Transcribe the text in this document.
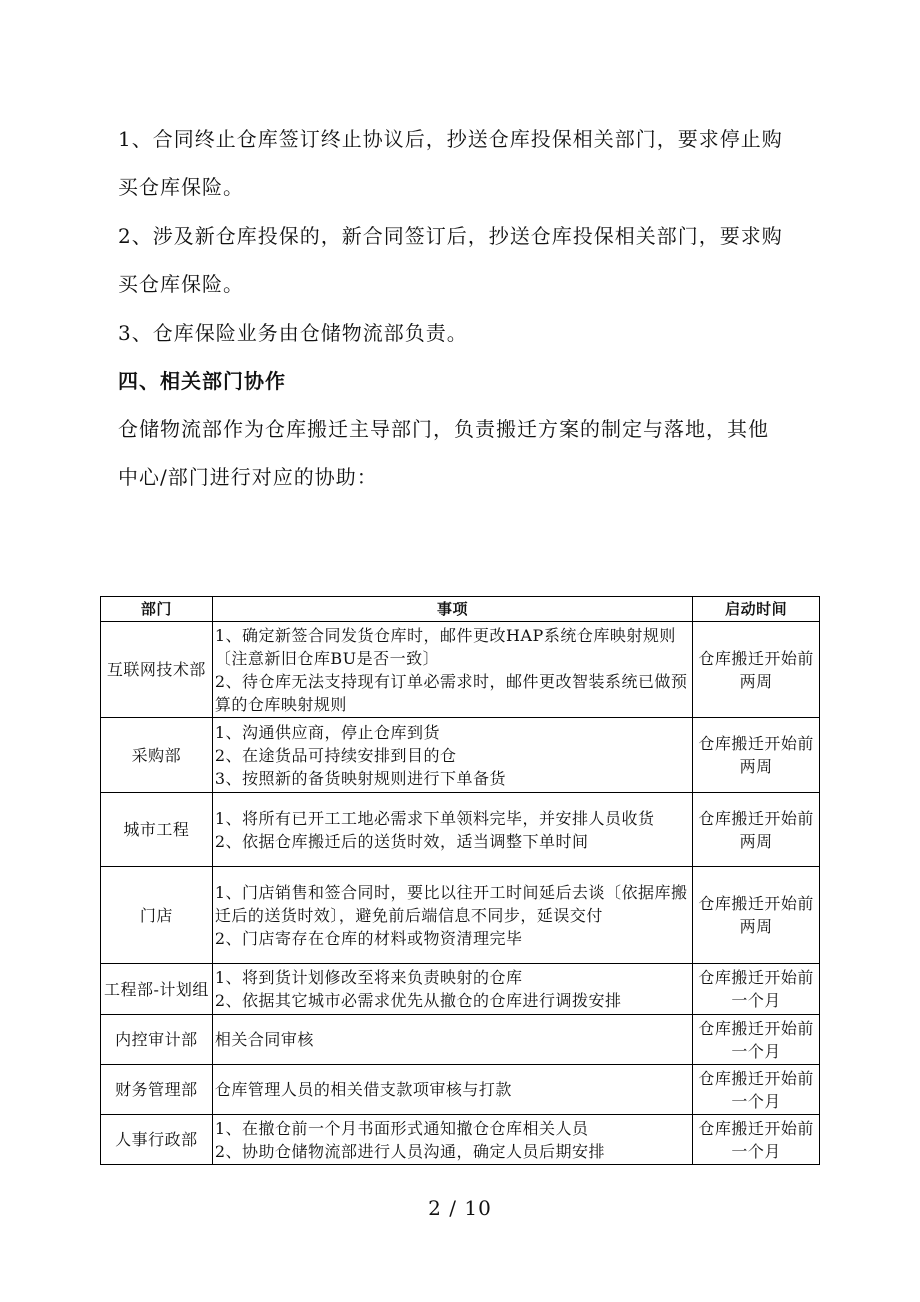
1、合同终止仓库签订终止协议后，抄送仓库投保相关部门，要求停止购
买仓库保险。
2、涉及新仓库投保的，新合同签订后，抄送仓库投保相关部门，要求购
买仓库保险。
3、仓库保险业务由仓储物流部负责。
四、相关部门协作
仓储物流部作为仓库搬迁主导部门，负责搬迁方案的制定与落地，其他
中心/部门进行对应的协助：
部门	事项	启动时间
互联网技术部	1、确定新签合同发货仓库时，邮件更改HAP系统仓库映射规则〔注意新旧仓库BU是否一致〕
2、待仓库无法支持现有订单必需求时，邮件更改智装系统已做预算的仓库映射规则	仓库搬迁开始前两周
采购部	1、沟通供应商，停止仓库到货
2、在途货品可持续安排到目的仓
3、按照新的备货映射规则进行下单备货	仓库搬迁开始前两周
城市工程	1、将所有已开工工地必需求下单领料完毕，并安排人员收货
2、依据仓库搬迁后的送货时效，适当调整下单时间	仓库搬迁开始前两周
门店	1、门店销售和签合同时，要比以往开工时间延后去谈〔依据库搬迁后的送货时效〕，避免前后端信息不同步，延误交付
2、门店寄存在仓库的材料或物资清理完毕	仓库搬迁开始前两周
工程部-计划组	1、将到货计划修改至将来负责映射的仓库
2、依据其它城市必需求优先从撤仓的仓库进行调拨安排	仓库搬迁开始前一个月
内控审计部	相关合同审核	仓库搬迁开始前一个月
财务管理部	仓库管理人员的相关借支款项审核与打款	仓库搬迁开始前一个月
人事行政部	1、在撤仓前一个月书面形式通知撤仓仓库相关人员
2、协助仓储物流部进行人员沟通，确定人员后期安排	仓库搬迁开始前一个月
2 / 10
